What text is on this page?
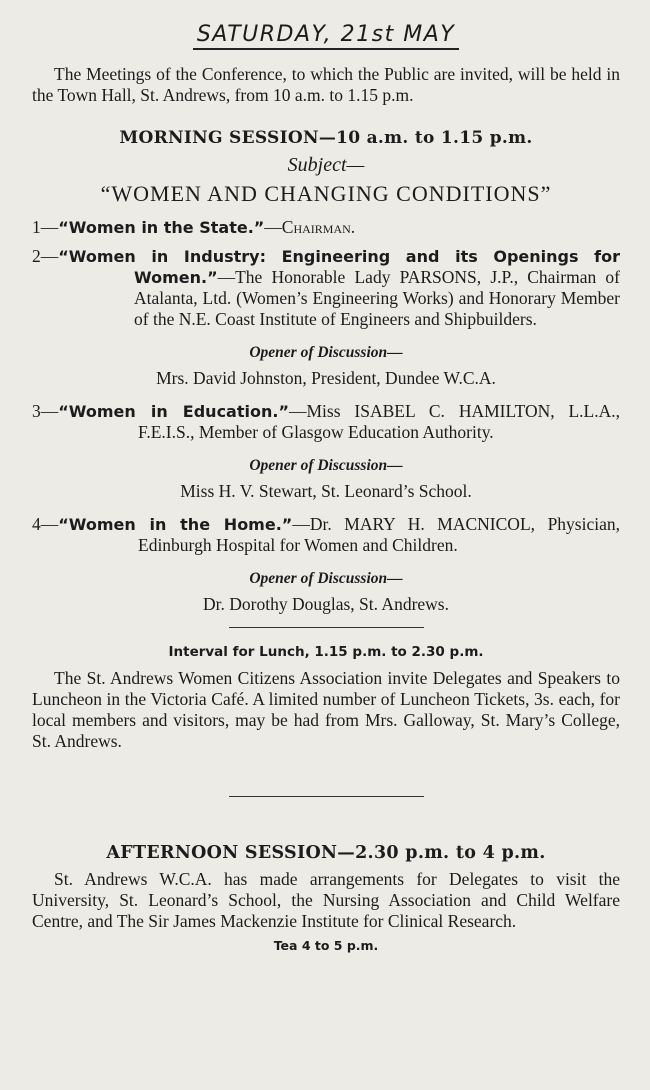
SATURDAY, 21st MAY

The Meetings of the Conference, to which the Public are invited, will be held in the Town Hall, St. Andrews, from 10 a.m. to 1.15 p.m.

MORNING SESSION—10 a.m. to 1.15 p.m.
Subject—
“WOMEN AND CHANGING CONDITIONS”
1—“Women in the State.”—Chairman.
2—“Women in Industry: Engineering and its Openings for Women.”—The Honorable Lady PARSONS, J.P., Chairman of Atalanta, Ltd. (Women’s Engineering Works) and Honorary Member of the N.E. Coast Institute of Engineers and Shipbuilders.
Opener of Discussion—
Mrs. David Johnston, President, Dundee W.C.A.
3—“Women in Education.”—Miss ISABEL C. HAMILTON, L.L.A., F.E.I.S., Member of Glasgow Education Authority.
Opener of Discussion—
Miss H. V. Stewart, St. Leonard’s School.
4—“Women in the Home.”—Dr. MARY H. MACNICOL, Physician, Edinburgh Hospital for Women and Children.
Opener of Discussion—
Dr. Dorothy Douglas, St. Andrews.
Interval for Lunch, 1.15 p.m. to 2.30 p.m.

The St. Andrews Women Citizens Association invite Delegates and Speakers to Luncheon in the Victoria Café. A limited number of Luncheon Tickets, 3s. each, for local members and visitors, may be had from Mrs. Galloway, St. Mary’s College, St. Andrews.

AFTERNOON SESSION—2.30 p.m. to 4 p.m.

St. Andrews W.C.A. has made arrangements for Delegates to visit the University, St. Leonard’s School, the Nursing Association and Child Welfare Centre, and The Sir James Mackenzie Institute for Clinical Research.

Tea 4 to 5 p.m.
